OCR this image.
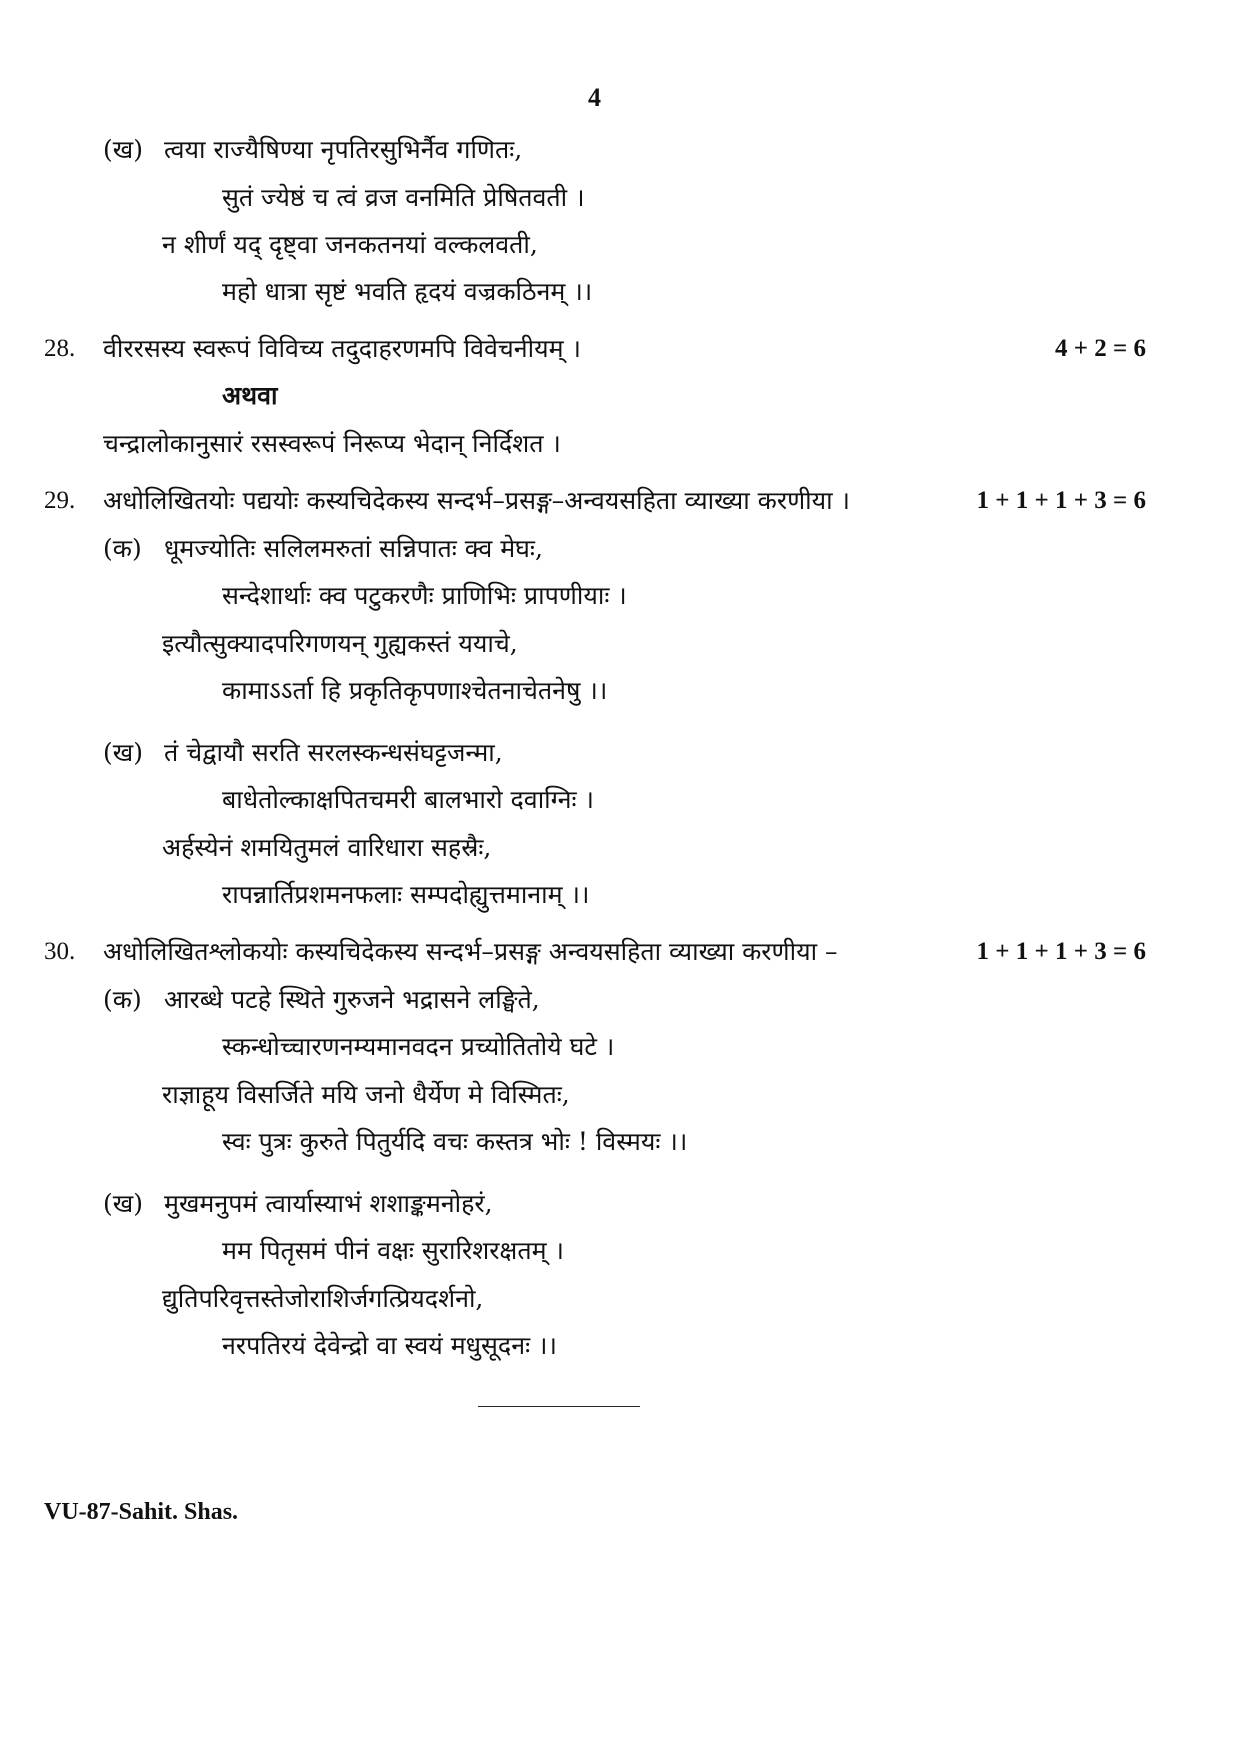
4
(ख) त्वया राज्यैषिण्या नृपतिरसुभिर्नैव गणितः,
सुतं ज्येष्ठं च त्वं व्रज वनमिति प्रेषितवती ।
न शीर्णं यद् दृष्ट्वा जनकतनयां वल्कलवती,
महो धात्रा सृष्टं भवति हृदयं वज्रकठिनम् ।।
28. वीररसस्य स्वरूपं विविच्य तदुदाहरणमपि विवेचनीयम् ।	4 + 2 = 6
अथवा
चन्द्रालोकानुसारं रसस्वरूपं निरूप्य भेदान् निर्दिशत ।
29. अधोलिखितयोः पद्ययोः कस्यचिदेकस्य सन्दर्भ–प्रसङ्ग–अन्वयसहिता व्याख्या करणीया ।	1 + 1 + 1 + 3 = 6
(क) धूमज्योतिः सलिलमरुतां सन्निपातः क्व मेघः,
सन्देशार्थाः क्व पटुकरणैः प्राणिभिः प्रापणीयाः ।
इत्यौत्सुक्यादपरिगणयन् गुह्यकस्तं ययाचे,
कामाऽऽर्ता हि प्रकृतिकृपणाश्चेतनाचेतनेषु ।।
(ख) तं चेद्वायौ सरति सरलस्कन्धसंघट्टजन्मा,
बाधेतोल्काक्षपितचमरी बालभारो दवाग्निः ।
अर्हस्येनं शमयितुमलं वारिधारा सहस्रैः,
रापन्नार्तिप्रशमनफलाः सम्पदोह्युत्तमानाम् ।।
30. अधोलिखितश्लोकयोः कस्यचिदेकस्य सन्दर्भ–प्रसङ्ग अन्वयसहिता व्याख्या करणीया –	1 + 1 + 1 + 3 = 6
(क) आरब्धे पटहे स्थिते गुरुजने भद्रासने लङ्घिते,
स्कन्धोच्चारणनम्यमानवदन प्रच्योतितोये घटे ।
राज्ञाहूय विसर्जिते मयि जनो धैर्येण मे विस्मितः,
स्वः पुत्रः कुरुते पितुर्यदि वचः कस्तत्र भोः ! विस्मयः ।।
(ख) मुखमनुपमं त्वार्यास्याभं शशाङ्कमनोहरं,
मम पितृसमं पीनं वक्षः सुरारिशरक्षतम् ।
द्युतिपरिवृत्तस्तेजोराशिर्जगत्प्रियदर्शनो,
नरपतिरयं देवेन्द्रो वा स्वयं मधुसूदनः ।।
VU-87-Sahit. Shas.
